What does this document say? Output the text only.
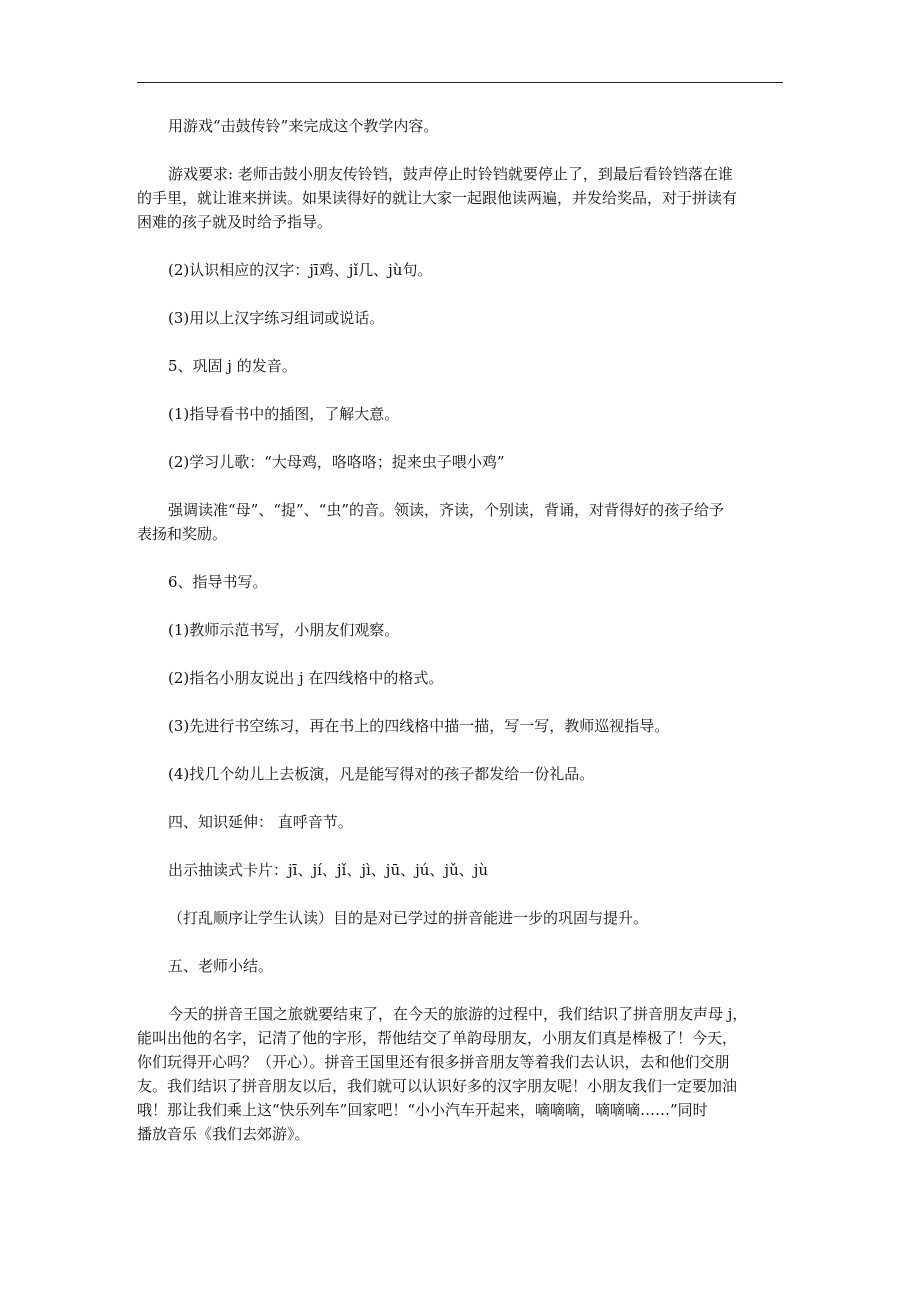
用游戏“击鼓传铃”来完成这个教学内容。
游戏要求: 老师击鼓小朋友传铃铛，鼓声停止时铃铛就要停止了，到最后看铃铛落在谁
的手里，就让谁来拼读。如果读得好的就让大家一起跟他读两遍，并发给奖品，对于拼读有
困难的孩子就及时给予指导。
(2)认识相应的汉字：jī鸡、jǐ几、jù句。
(3)用以上汉字练习组词或说话。
5、巩固 j 的发音。
(1)指导看书中的插图，了解大意。
(2)学习儿歌：“大母鸡，咯咯咯；捉来虫子喂小鸡”
强调读准“母”、“捉”、“虫”的音。领读，齐读，个别读，背诵，对背得好的孩子给予
表扬和奖励。
6、指导书写。
(1)教师示范书写，小朋友们观察。
(2)指名小朋友说出 j 在四线格中的格式。
(3)先进行书空练习，再在书上的四线格中描一描，写一写，教师巡视指导。
(4)找几个幼儿上去板演，凡是能写得对的孩子都发给一份礼品。
四、知识延伸： 直呼音节。
出示抽读式卡片：jī、jí、jǐ、jì、jū、jú、jǔ、jù
（打乱顺序让学生认读）目的是对已学过的拼音能进一步的巩固与提升。
五、老师小结。
今天的拼音王国之旅就要结束了，在今天的旅游的过程中，我们结识了拼音朋友声母 j，
能叫出他的名字，记清了他的字形，帮他结交了单韵母朋友，小朋友们真是棒极了！今天，
你们玩得开心吗？（开心）。拼音王国里还有很多拼音朋友等着我们去认识，去和他们交朋
友。我们结识了拼音朋友以后，我们就可以认识好多的汉字朋友呢！小朋友我们一定要加油
哦！那让我们乘上这“快乐列车”回家吧！“小小汽车开起来，嘀嘀嘀，嘀嘀嘀……”同时
播放音乐《我们去郊游》。
